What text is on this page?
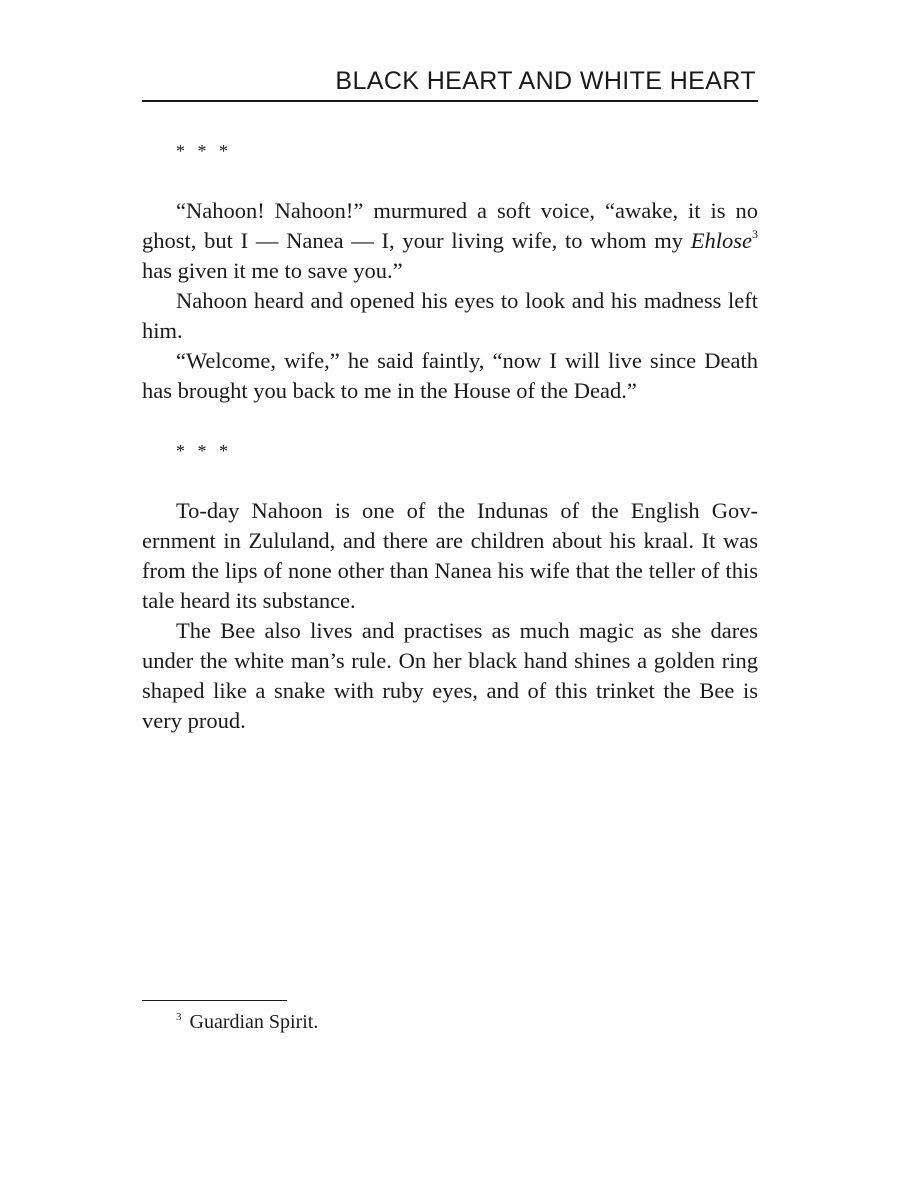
BLACK HEART AND WHITE HEART

* * *

“Nahoon! Nahoon!” murmured a soft voice, “awake, it is no ghost, but I — Nanea — I, your living wife, to whom my Ehlose$^3$ has given it me to save you.”

Nahoon heard and opened his eyes to look and his madness left him.

“Welcome, wife,” he said faintly, “now I will live since Death has brought you back to me in the House of the Dead.”

* * *

To-day Nahoon is one of the Indunas of the English Government in Zululand, and there are children about his kraal. It was from the lips of none other than Nanea his wife that the teller of this tale heard its substance.

The Bee also lives and practises as much magic as she dares under the white man’s rule. On her black hand shines a golden ring shaped like a snake with ruby eyes, and of this trinket the Bee is very proud.

$^3$ Guardian Spirit.
